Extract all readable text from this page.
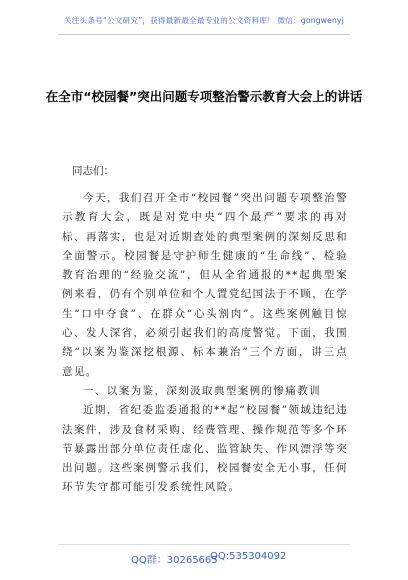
关注头条号“公文研究”，获得最新最全最专业的公文资料库！ 微信：gongwenyj
在全市“校园餐”突出问题专项整治警示教育大会上的讲话
同志们：

今天，我们召开全市“校园餐”突出问题专项整治警示教育大会，既是对党中央“四个最严”要求的再对标、再落实，也是对近期查处的典型案例的深刻反思和全面警示。校园餐是守护师生健康的“生命线”、检验教育治理的“经验交流”，但从全省通报的**起典型案例来看，仍有个别单位和个人置党纪国法于不顾，在学生“口中夺食”、在群众“心头割肉”。这些案例触目惊心、发人深省，必须引起我们的高度警觉。下面，我围绕“以案为鉴深挖根源、标本兼治”三个方面，讲三点意见。

一、以案为鉴，深刻汲取典型案例的惨痛教训

近期，省纪委监委通报的**起“校园餐”领域违纪违法案件，涉及食材采购、经费管理、操作规范等多个环节暴露出部分单位责任虚化、监管缺失、作风漂浮等突出问题。这些案例警示我们，校园餐安全无小事，任何环节失守都可能引发系统性风险。

QQ群：30265665
QQ:535304092
